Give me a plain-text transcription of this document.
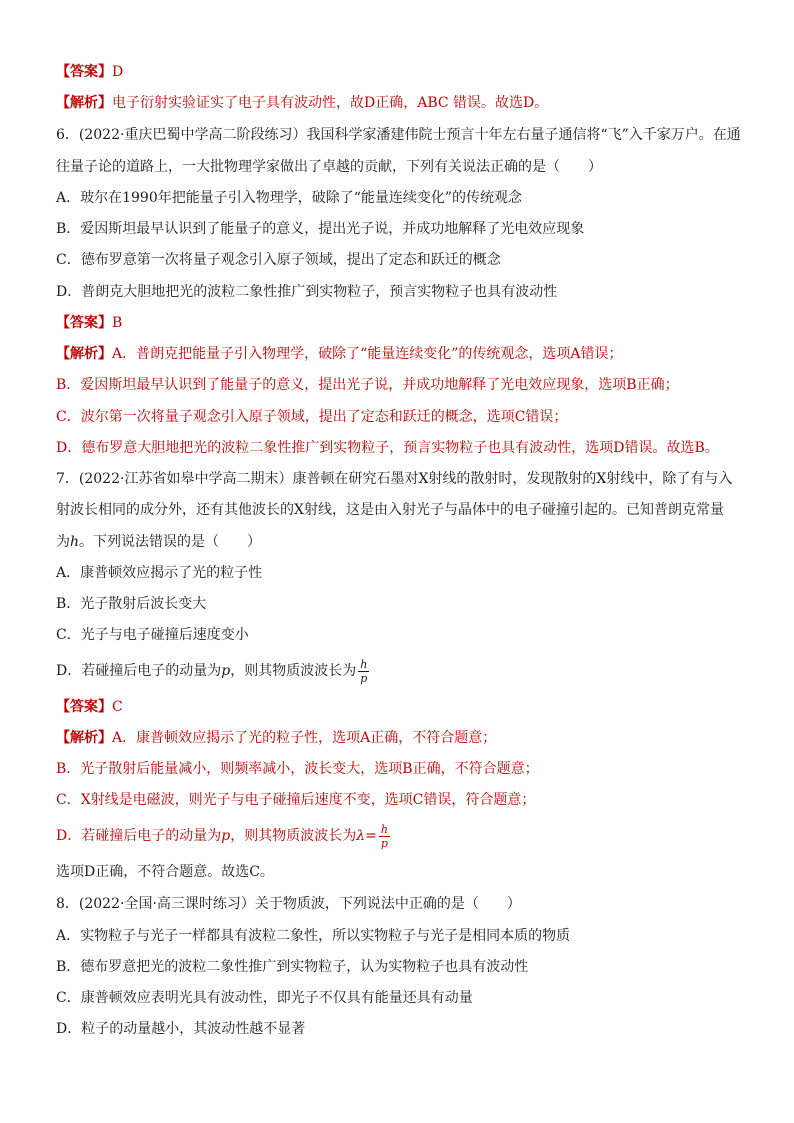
【答案】D
【解析】电子衍射实验证实了电子具有波动性，故D正确，ABC 错误。故选D。
6．(2022·重庆巴蜀中学高二阶段练习）我国科学家潘建伟院士预言十年左右量子通信将“飞”入千家万户。在通
往量子论的道路上，一大批物理学家做出了卓越的贡献，下列有关说法正确的是（　　）
A．玻尔在1990年把能量子引入物理学，破除了“能量连续变化”的传统观念
B．爱因斯坦最早认识到了能量子的意义，提出光子说，并成功地解释了光电效应现象
C．德布罗意第一次将量子观念引入原子领域，提出了定态和跃迁的概念
D．普朗克大胆地把光的波粒二象性推广到实物粒子，预言实物粒子也具有波动性
【答案】B
【解析】A．普朗克把能量子引入物理学，破除了“能量连续变化”的传统观念，选项A错误；
B．爱因斯坦最早认识到了能量子的意义，提出光子说，并成功地解释了光电效应现象，选项B正确；
C．波尔第一次将量子观念引入原子领域，提出了定态和跃迁的概念，选项C错误；
D．德布罗意大胆地把光的波粒二象性推广到实物粒子，预言实物粒子也具有波动性，选项D错误。故选B。
7．(2022·江苏省如皋中学高二期末）康普顿在研究石墨对X射线的散射时，发现散射的X射线中，除了有与入
射波长相同的成分外，还有其他波长的X射线，这是由入射光子与晶体中的电子碰撞引起的。已知普朗克常量
为h。下列说法错误的是（　　）
A．康普顿效应揭示了光的粒子性
B．光子散射后波长变大
C．光子与电子碰撞后速度变小
D．若碰撞后电子的动量为p，则其物质波波长为 $\frac{h}{p}$
【答案】C
【解析】A．康普顿效应揭示了光的粒子性，选项A正确，不符合题意；
B．光子散射后能量减小，则频率减小，波长变大，选项B正确，不符合题意；
C．X射线是电磁波，则光子与电子碰撞后速度不变，选项C错误，符合题意；
D．若碰撞后电子的动量为p，则其物质波波长为$\lambda= \frac{h}{p}$
选项D正确，不符合题意。故选C。
8．(2022·全国·高三课时练习）关于物质波，下列说法中正确的是（　　）
A．实物粒子与光子一样都具有波粒二象性，所以实物粒子与光子是相同本质的物质
B．德布罗意把光的波粒二象性推广到实物粒子，认为实物粒子也具有波动性
C．康普顿效应表明光具有波动性，即光子不仅具有能量还具有动量
D．粒子的动量越小，其波动性越不显著
